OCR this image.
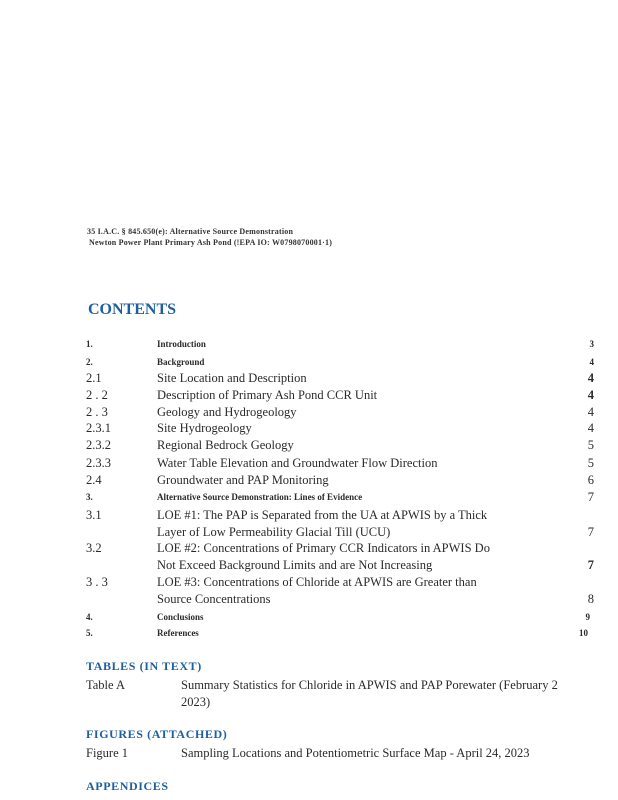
35 I.A.C. § 845.650(e): Alternative Source Demonstration
Newton Power Plant Primary Ash Pond (!EPA IO: W0798070001·1)
CONTENTS
1.	Introduction	3
2.	Background	4
2.1	Site Location and Description	4
2 . 2	Description of Primary Ash Pond CCR Unit	4
2 . 3	Geology and Hydrogeology	4
2.3.1	Site Hydrogeology	4
2.3.2	Regional Bedrock Geology	5
2.3.3	Water Table Elevation and Groundwater Flow Direction	5
2.4	Groundwater and PAP Monitoring	6
3.	Alternative Source Demonstration: Lines of Evidence	7
3.1	LOE #1: The PAP is Separated from the UA at APWIS by a Thick
Layer of Low Permeability Glacial Till (UCU)	7
3.2	LOE #2: Concentrations of Primary CCR Indicators in APWIS Do
Not Exceed Background Limits and are Not Increasing	7
3 . 3	LOE #3: Concentrations of Chloride at APWIS are Greater than
Source Concentrations	8
4.	Conclusions	9
5.	References	10
TABLES (IN TEXT)
Table A	Summary Statistics for Chloride in APWIS and PAP Porewater (February 2
2023)
FIGURES (ATTACHED)
Figure 1	Sampling Locations and Potentiometric Surface Map - April 24, 2023
APPENDICES
